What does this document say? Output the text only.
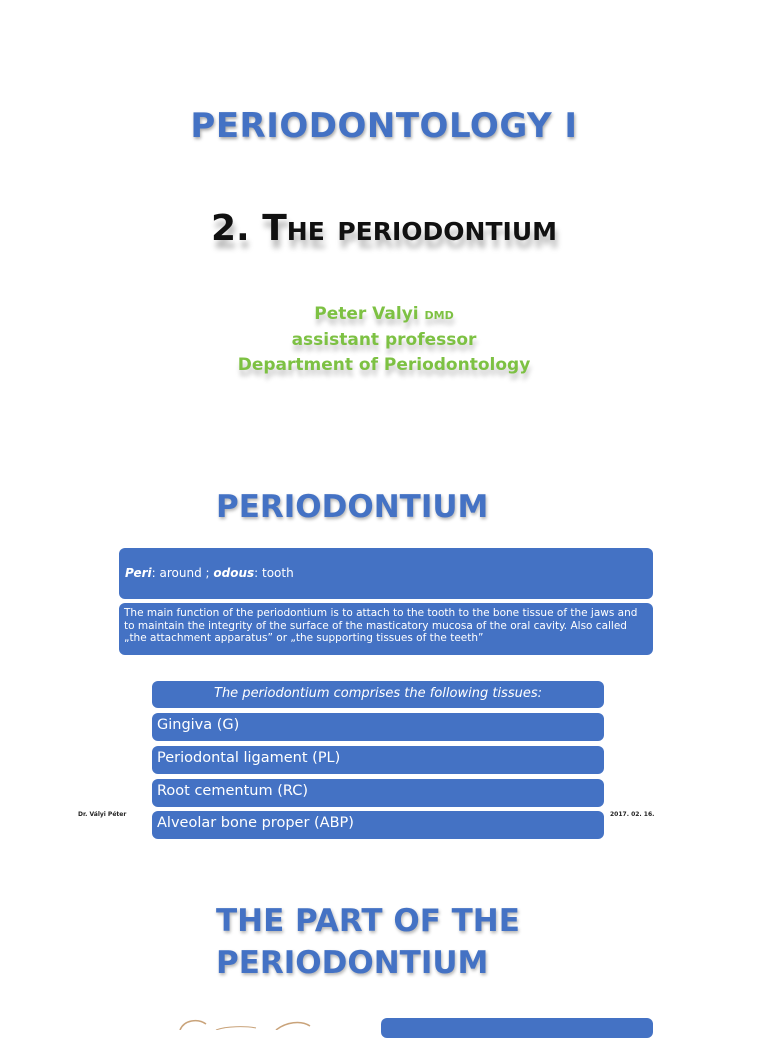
PERIODONTOLOGY I
2. The periodontium
Peter Valyi DMD
assistant professor
Department of Periodontology
PERIODONTIUM
Peri: around ; odous: tooth
The main function of the periodontium is to attach to the tooth to the bone tissue of the jaws and to maintain the integrity of the surface of the masticatory mucosa of the oral cavity. Also called „the attachment apparatus” or „the supporting tissues of the teeth”
The periodontium comprises the following tissues:
Gingiva (G)
Periodontal ligament (PL)
Root cementum (RC)
Alveolar bone proper (ABP)
Dr. Vályi Péter	2017. 02. 16.
THE PART OF THE
PERIODONTIUM
